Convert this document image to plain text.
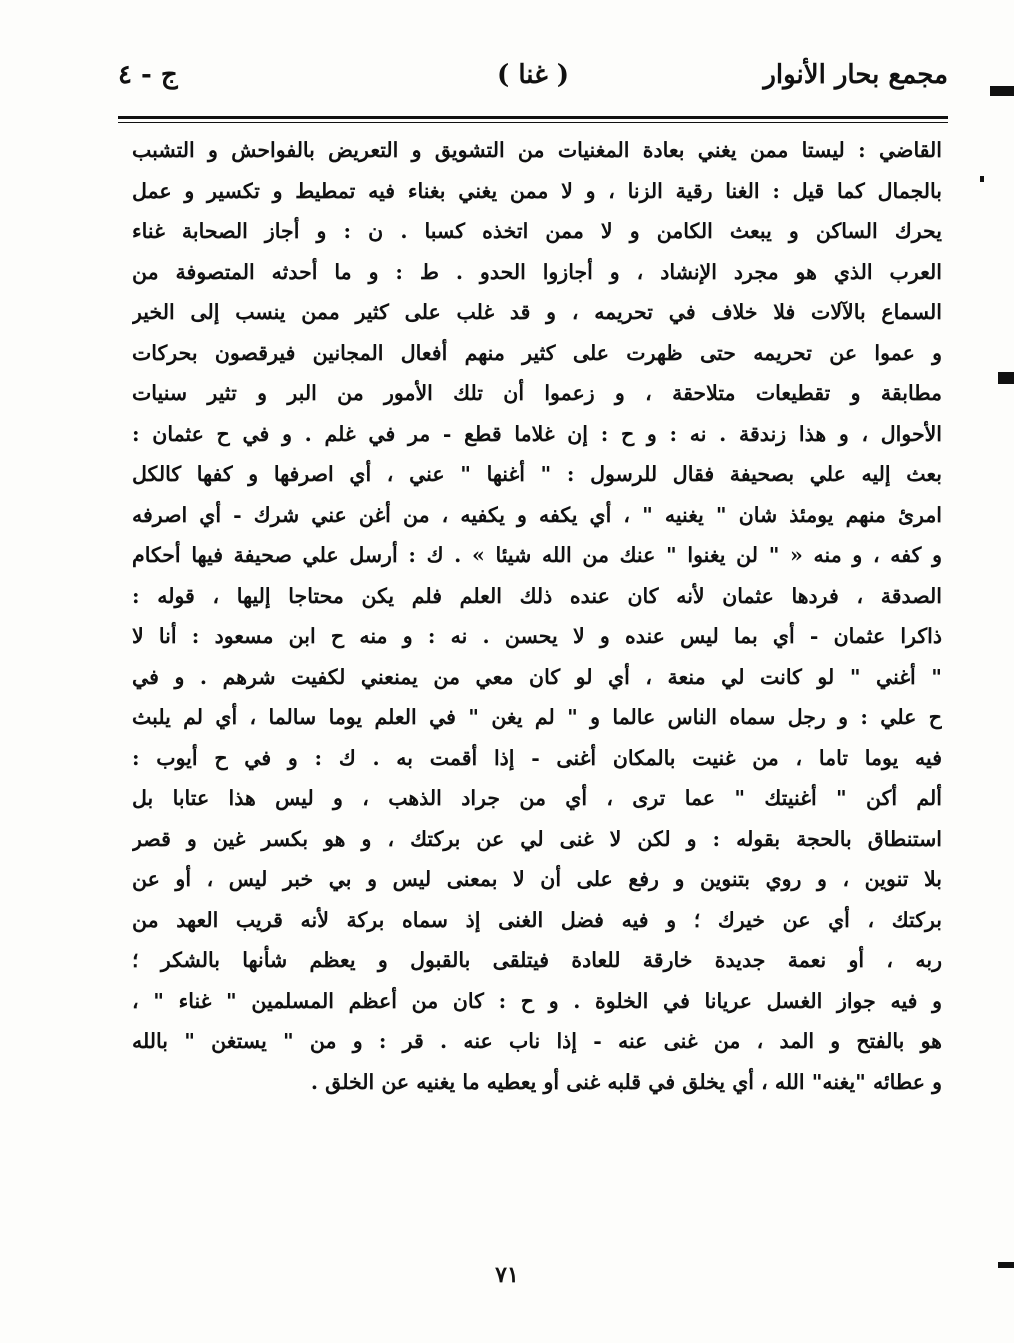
مجمع بحار الأنوار
( غنا )
ج - ٤
القاضي : ليستا ممن يغني بعادة المغنيات من التشويق و التعريض بالفواحش و التشبب
بالجمال كما قيل : الغنا رقية الزنا ، و لا ممن يغني بغناء فيه تمطيط و تكسير و عمل
يحرك الساكن و يبعث الكامن و لا ممن اتخذه كسبا . ن : و أجاز الصحابة غناء
العرب الذي هو مجرد الإنشاد ، و أجازوا الحدو . ط : و ما أحدثه المتصوفة من
السماع بالآلات فلا خلاف في تحريمه ، و قد غلب على كثير ممن ينسب إلى الخير
و عموا عن تحريمه حتى ظهرت على كثير منهم أفعال المجانين فيرقصون بحركات
مطابقة و تقطيعات متلاحقة ، و زعموا أن تلك الأمور من البر و تثير سنيات
الأحوال ، و هذا زندقة . نه : و ح : إن غلاما قطع - مر في غلم . و في ح عثمان :
بعث إليه علي بصحيفة فقال للرسول : " أغنها " عني ، أي اصرفها و كفها كالكل
امرئ منهم يومئذ شان " يغنيه " ، أي يكفه و يكفيه ، من أغن عني شرك - أي اصرفه
و كفه ، و منه « " لن يغنوا " عنك من الله شيئا » . ك : أرسل علي صحيفة فيها أحكام
الصدقة ، فردها عثمان لأنه كان عنده ذلك العلم فلم يكن محتاجا إليها ، قوله :
ذاكرا عثمان - أي بما ليس عنده و لا يحسن . نه : و منه ح ابن مسعود : أنا لا
" أغني " لو كانت لي منعة ، أي لو كان معي من يمنعني لكفيت شرهم . و في
ح علي : و رجل سماه الناس عالما و " لم يغن " في العلم يوما سالما ، أي لم يلبث
فيه يوما تاما ، من غنيت بالمكان أغنى - إذا أقمت به . ك : و في ح أيوب :
ألم أكن " أغنيتك " عما ترى ، أي من جراد الذهب ، و ليس هذا عتابا بل
استنطاق بالحجة بقوله : و لكن لا غنى لي عن بركتك ، و هو بكسر غين و قصر
بلا تنوين ، و روي بتنوين و رفع على أن لا بمعنى ليس و بي خبر ليس ، أو عن
بركتك ، أي عن خيرك ؛ و فيه فضل الغنى إذ سماه بركة لأنه قريب العهد من
ربه ، أو نعمة جديدة خارقة للعادة فيتلقى بالقبول و يعظم شأنها بالشكر ؛
و فيه جواز الغسل عريانا في الخلوة . و ح : كان من أعظم المسلمين " غناء " ،
هو بالفتح و المد ، من غنى عنه - إذا ناب عنه . قر : و من " يستغن " بالله
و عطائه "يغنه" الله ، أي يخلق في قلبه غنى أو يعطيه ما يغنيه عن الخلق .
٧١
